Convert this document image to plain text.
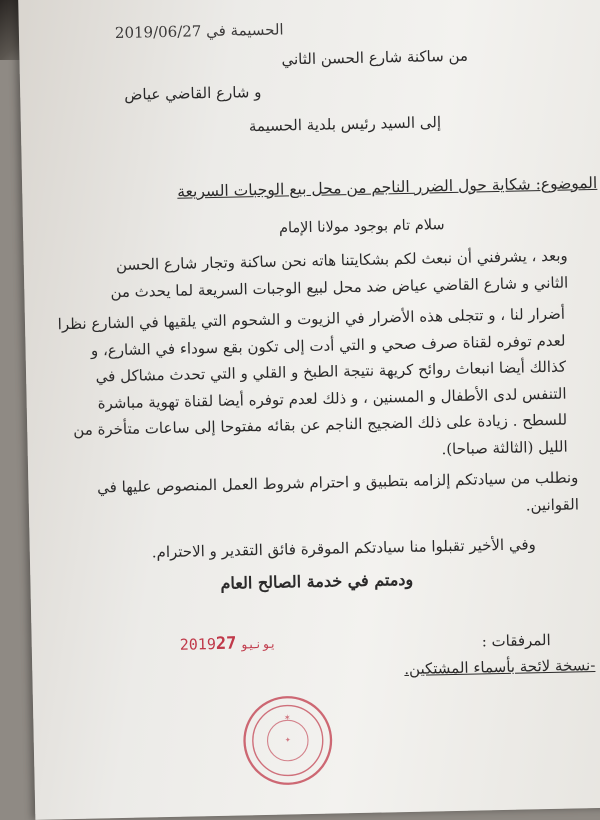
الحسيمة في 2019/06/27
من ساكنة شارع الحسن الثاني
و شارع القاضي عياض
إلى السيد رئيس بلدية الحسيمة
الموضوع: شكاية حول الضرر الناجم من محل بيع الوجبات السريعة
سلام تام بوجود مولانا الإمام
وبعد ، يشرفني أن نبعث لكم بشكايتنا هاته نحن ساكنة وتجار شارع الحسن الثاني و شارع القاضي عياض ضد محل لبيع الوجبات السريعة لما يحدث من
أضرار لنا ، و تتجلى هذه الأضرار في الزيوت و الشحوم التي يلقيها في الشارع نظرا لعدم توفره لقناة صرف صحي و التي أدت إلى تكون بقع سوداء في الشارع، و كذالك أيضا انبعاث روائح كريهة نتيجة الطبخ و القلي و التي تحدث مشاكل في التنفس لدى الأطفال و المسنين ، و ذلك لعدم توفره أيضا لقناة تهوية مباشرة للسطح . زيادة على ذلك الضجيج الناجم عن بقائه مفتوحا إلى ساعات متأخرة من الليل (الثالثة صباحا).
ونطلب من سيادتكم إلزامه بتطبيق و احترام شروط العمل المنصوص عليها في القوانين.
وفي الأخير تقبلوا منا سيادتكم الموقرة فائق التقدير و الاحترام.
ودمتم في خدمة الصالح العام
2019 يونيو27	المرفقات :
-نسخة لائحة بأسماء المشتكين.
✶
✦
